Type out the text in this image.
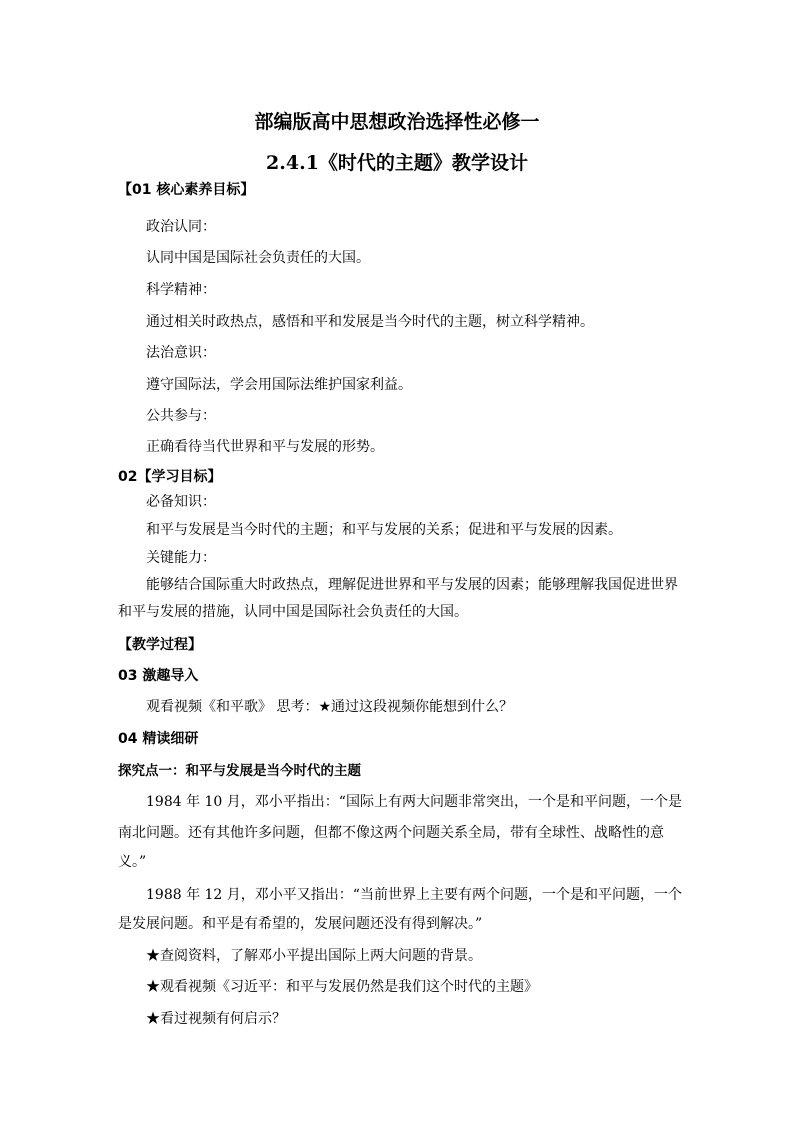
部编版高中思想政治选择性必修一
2.4.1《时代的主题》教学设计
【01 核心素养目标】
政治认同：
认同中国是国际社会负责任的大国。
科学精神：
通过相关时政热点，感悟和平和发展是当今时代的主题，树立科学精神。
法治意识：
遵守国际法，学会用国际法维护国家利益。
公共参与：
正确看待当代世界和平与发展的形势。
02【学习目标】
必备知识：
和平与发展是当今时代的主题；和平与发展的关系；促进和平与发展的因素。
关键能力：
能够结合国际重大时政热点，理解促进世界和平与发展的因素；能够理解我国促进世界
和平与发展的措施，认同中国是国际社会负责任的大国。
【教学过程】
03 激趣导入
观看视频《和平歌》 思考：★通过这段视频你能想到什么？
04 精读细研
探究点一：和平与发展是当今时代的主题
1984 年 10 月，邓小平指出：“国际上有两大问题非常突出，一个是和平问题，一个是
南北问题。还有其他许多问题，但都不像这两个问题关系全局，带有全球性、战略性的意
义。”
1988 年 12 月，邓小平又指出：“当前世界上主要有两个问题，一个是和平问题，一个
是发展问题。和平是有希望的，发展问题还没有得到解决。”
★查阅资料，了解邓小平提出国际上两大问题的背景。
★观看视频《习近平：和平与发展仍然是我们这个时代的主题》
★看过视频有何启示？
